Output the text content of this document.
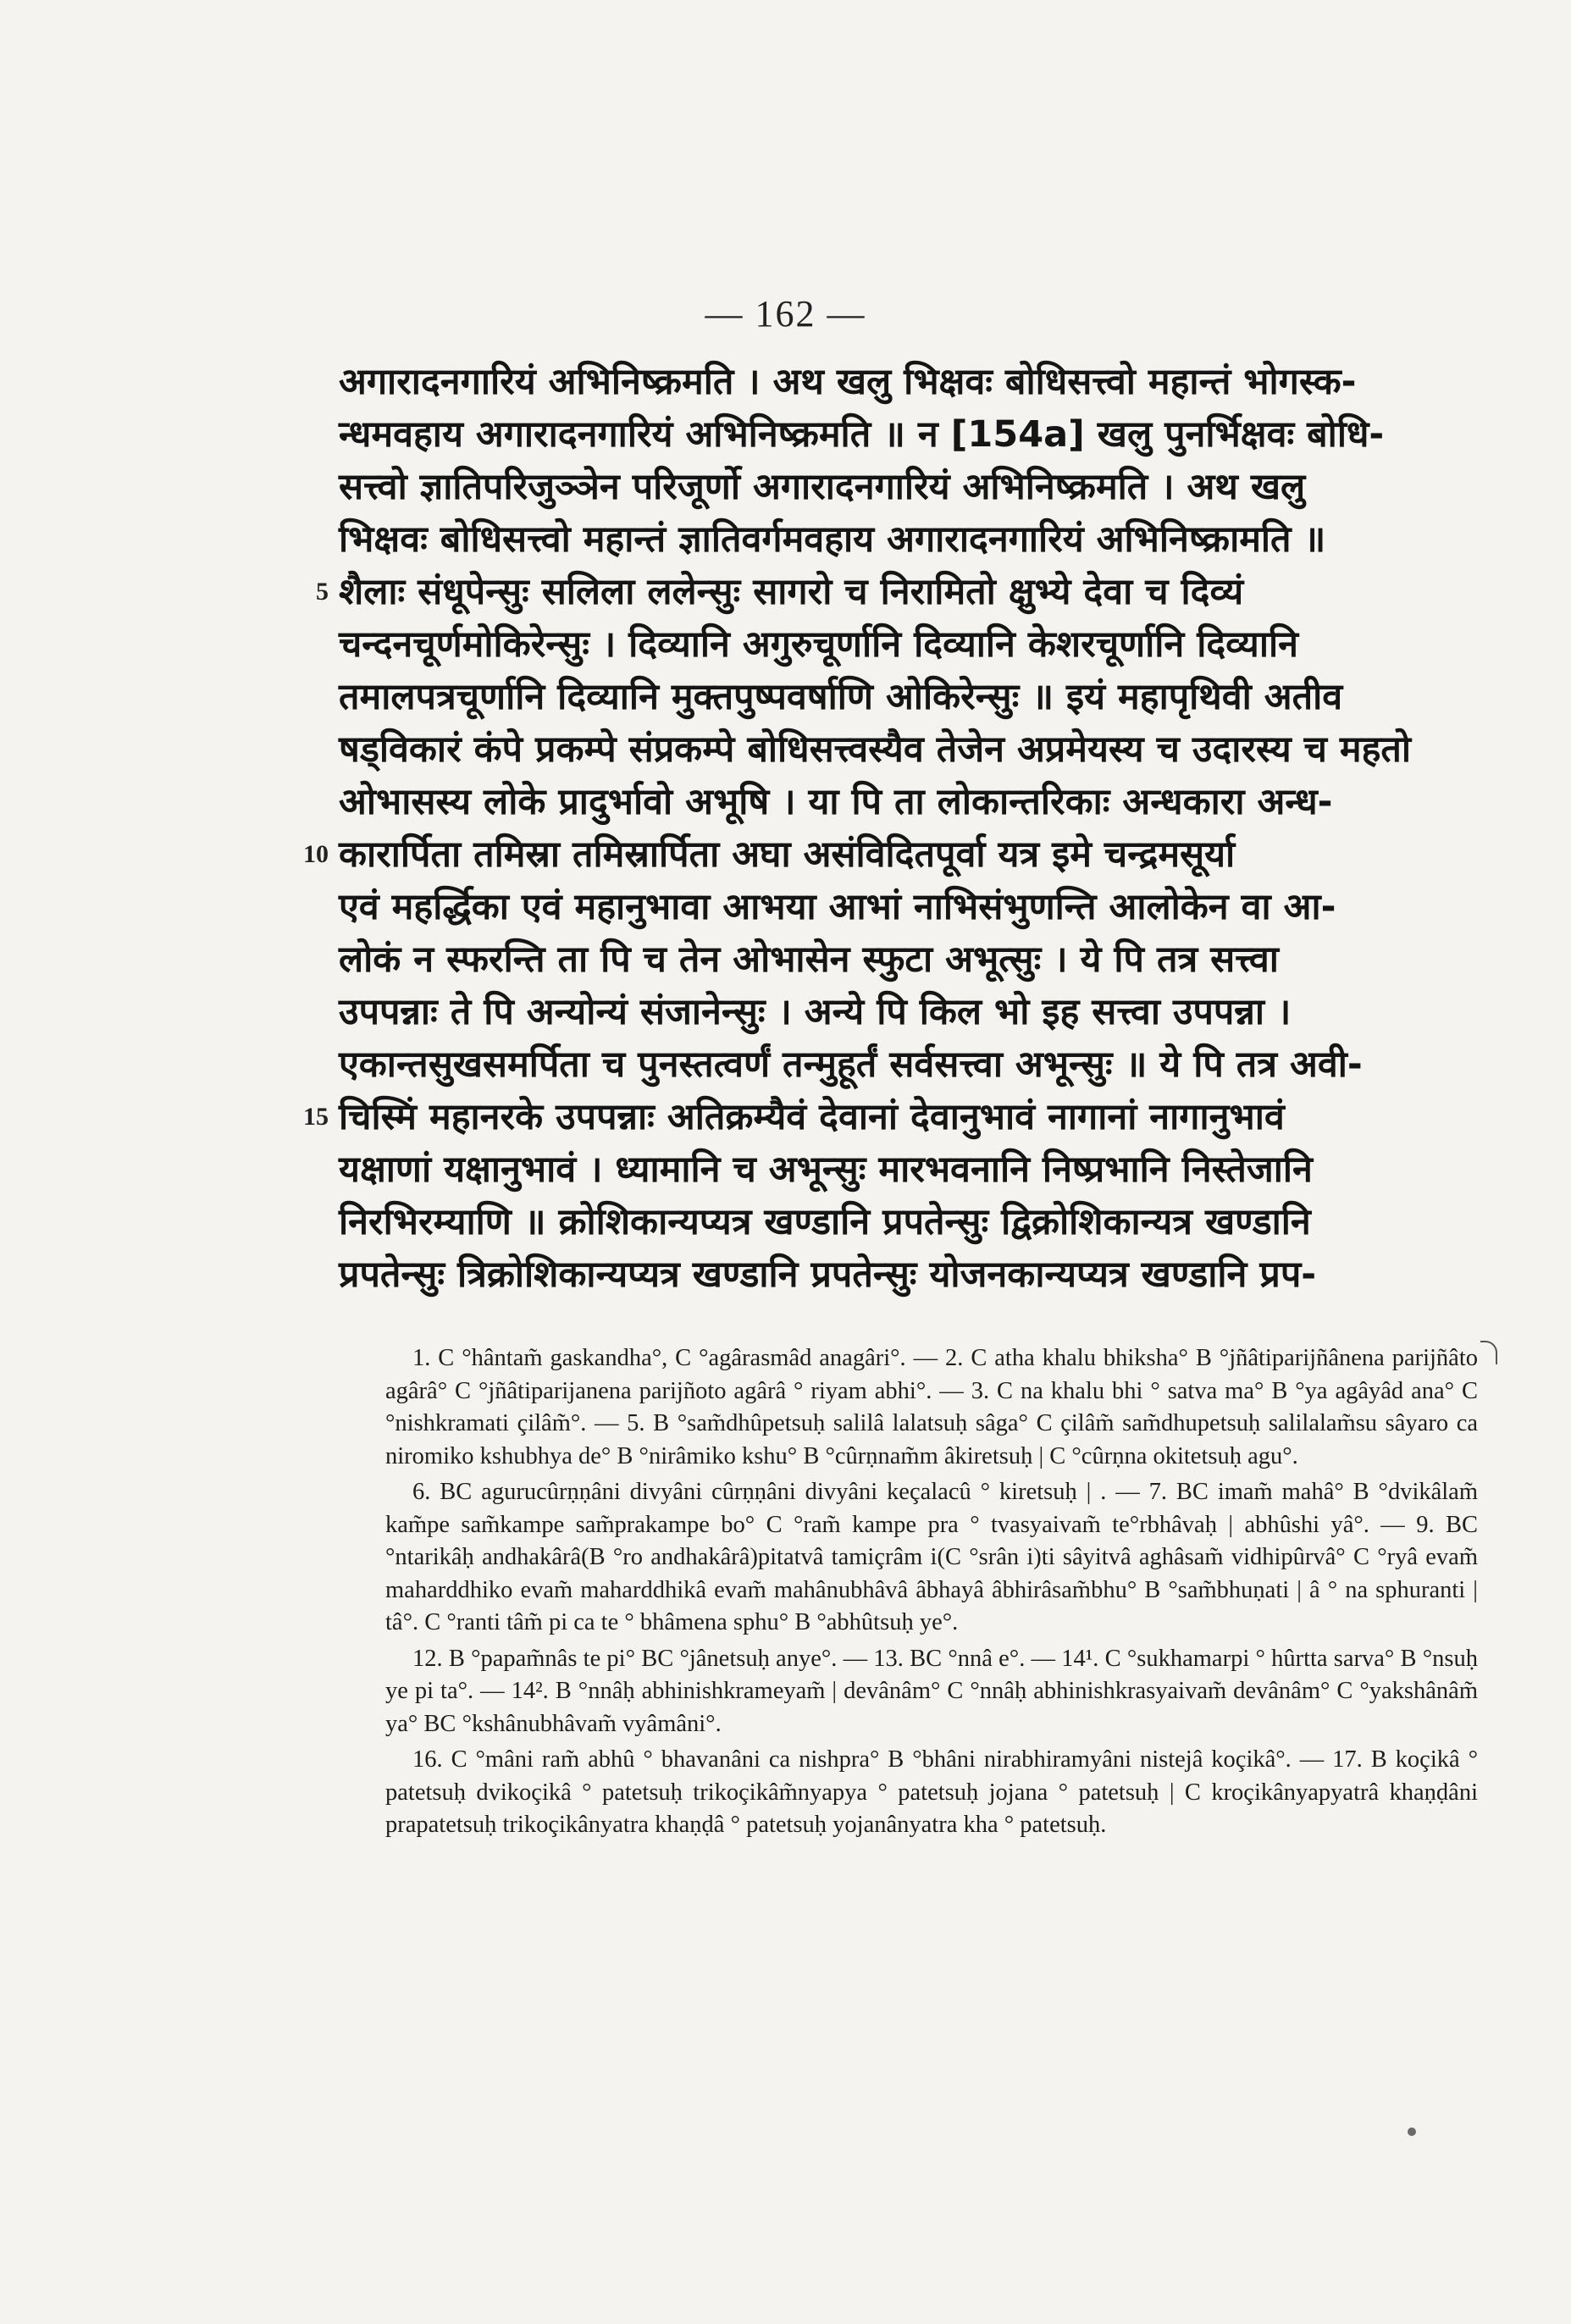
— 162 —
अगारादनगारियं अभिनिष्क्रमति । अथ खलु भिक्षवः बोधिसत्त्वो महान्तं भोगस्क-
न्धमवहाय अगारादनगारियं अभिनिष्क्रमति ॥ न [154a] खलु पुनर्भिक्षवः बोधि-
सत्त्वो ज्ञातिपरिजुञ्ञेन परिजूर्णो अगारादनगारियं अभिनिष्क्रमति । अथ खलु
भिक्षवः बोधिसत्त्वो महान्तं ज्ञातिवर्गमवहाय अगारादनगारियं अभिनिष्क्रामति ॥
5 शैलाः संधूपेन्सुः सलिला ललेन्सुः सागरो च निरामितो क्षुभ्ये देवा च दिव्यं
चन्दनचूर्णमोकिरेन्सुः । दिव्यानि अगुरुचूर्णानि दिव्यानि केशरचूर्णानि दिव्यानि
तमालपत्रचूर्णानि दिव्यानि मुक्तपुष्पवर्षाणि ओकिरेन्सुः ॥ इयं महापृथिवी अतीव
षड्विकारं कंपे प्रकम्पे संप्रकम्पे बोधिसत्त्वस्यैव तेजेन अप्रमेयस्य च उदारस्य च महतो
ओभासस्य लोके प्रादुर्भावो अभूषि । या पि ता लोकान्तरिकाः अन्धकारा अन्ध-
10 कारार्पिता तमिस्रा तमिस्रार्पिता अघा असंविदितपूर्वा यत्र इमे चन्द्रमसूर्या
एवं महर्द्धिका एवं महानुभावा आभया आभां नाभिसंभुणन्ति आलोकेन वा आ-
लोकं न स्फरन्ति ता पि च तेन ओभासेन स्फुटा अभूत्सुः । ये पि तत्र सत्त्वा
उपपन्नाः ते पि अन्योन्यं संजानेन्सुः । अन्ये पि किल भो इह सत्त्वा उपपन्ना ।
एकान्तसुखसमर्पिता च पुनस्तत्वर्णं तन्मुहूर्तं सर्वसत्त्वा अभून्सुः ॥ ये पि तत्र अवी-
15 चिस्मिं महानरके उपपन्नाः अतिक्रम्यैवं देवानां देवानुभावं नागानां नागानुभावं
यक्षाणां यक्षानुभावं । ध्यामानि च अभून्सुः मारभवनानि निष्प्रभानि निस्तेजानि
निरभिरम्याणि ॥ क्रोशिकान्यप्यत्र खण्डानि प्रपतेन्सुः द्विक्रोशिकान्यत्र खण्डानि
प्रपतेन्सुः त्रिक्रोशिकान्यप्यत्र खण्डानि प्रपतेन्सुः योजनकान्यप्यत्र खण्डानि प्रप-

1. C °hântam̃ gaskandha°, C °agârasmâd anagâri°. — 2. C atha khalu bhiksha° B °jñâtiparijñânena parijñâto agârâ° C °jñâtiparijanena parijñoto agârâ ° riyam abhi°. — 3. C na khalu bhi ° satva ma° B °ya agâyâd ana° C °nishkramati çilâm̃°. — 5. B °sam̃dhûpetsuḥ salilâ lalatsuḥ sâga° C çilâm̃ sam̃dhupetsuḥ salilalam̃su sâyaro ca niromiko kshubhya de° B °nirâmiko kshu° B °cûrṇnam̃m âkiretsuḥ | C °cûrṇna okitetsuḥ agu°.

6. BC agurucûrṇṇâni divyâni cûrṇṇâni divyâni keçalacû ° kiretsuḥ | . — 7. BC imam̃ mahâ° B °dvikâlam̃ kam̃pe sam̃kampe sam̃prakampe bo° C °ram̃ kampe pra ° tvasyaivam̃ te°rbhâvaḥ | abhûshi yâ°. — 9. BC °ntarikâḥ andhakârâ(B °ro andhakârâ)pitatvâ tamiçrâm i(C °srân i)ti sâyitvâ aghâsam̃ vidhipûrvâ° C °ryâ evam̃ maharddhiko evam̃ maharddhikâ evam̃ mahânubhâvâ âbhayâ âbhirâsam̃bhu° B °sam̃bhuṇati | â ° na sphuranti | tâ°. C °ranti tâm̃ pi ca te ° bhâmena sphu° B °abhûtsuḥ ye°.

12. B °papam̃nâs te pi° BC °jânetsuḥ anye°. — 13. BC °nnâ e°. — 14¹. C °sukhamarpi ° hûrtta sarva° B °nsuḥ ye pi ta°. — 14². B °nnâḥ abhinishkrameyam̃ | devânâm° C °nnâḥ abhinishkrasyaivam̃ devânâm° C °yakshânâm̃ ya° BC °kshânubhâvam̃ vyâmâni°.

16. C °mâni ram̃ abhû ° bhavanâni ca nishpra° B °bhâni nirabhiramyâni nistejâ koçikâ°. — 17. B koçikâ ° patetsuḥ dvikoçikâ ° patetsuḥ trikoçikâm̃nyapya ° patetsuḥ jojana ° patetsuḥ | C kroçikânyapyatrâ khaṇḍâni prapatetsuḥ trikoçikânyatra khaṇḍâ ° patetsuḥ yojanânyatra kha ° patetsuḥ.
